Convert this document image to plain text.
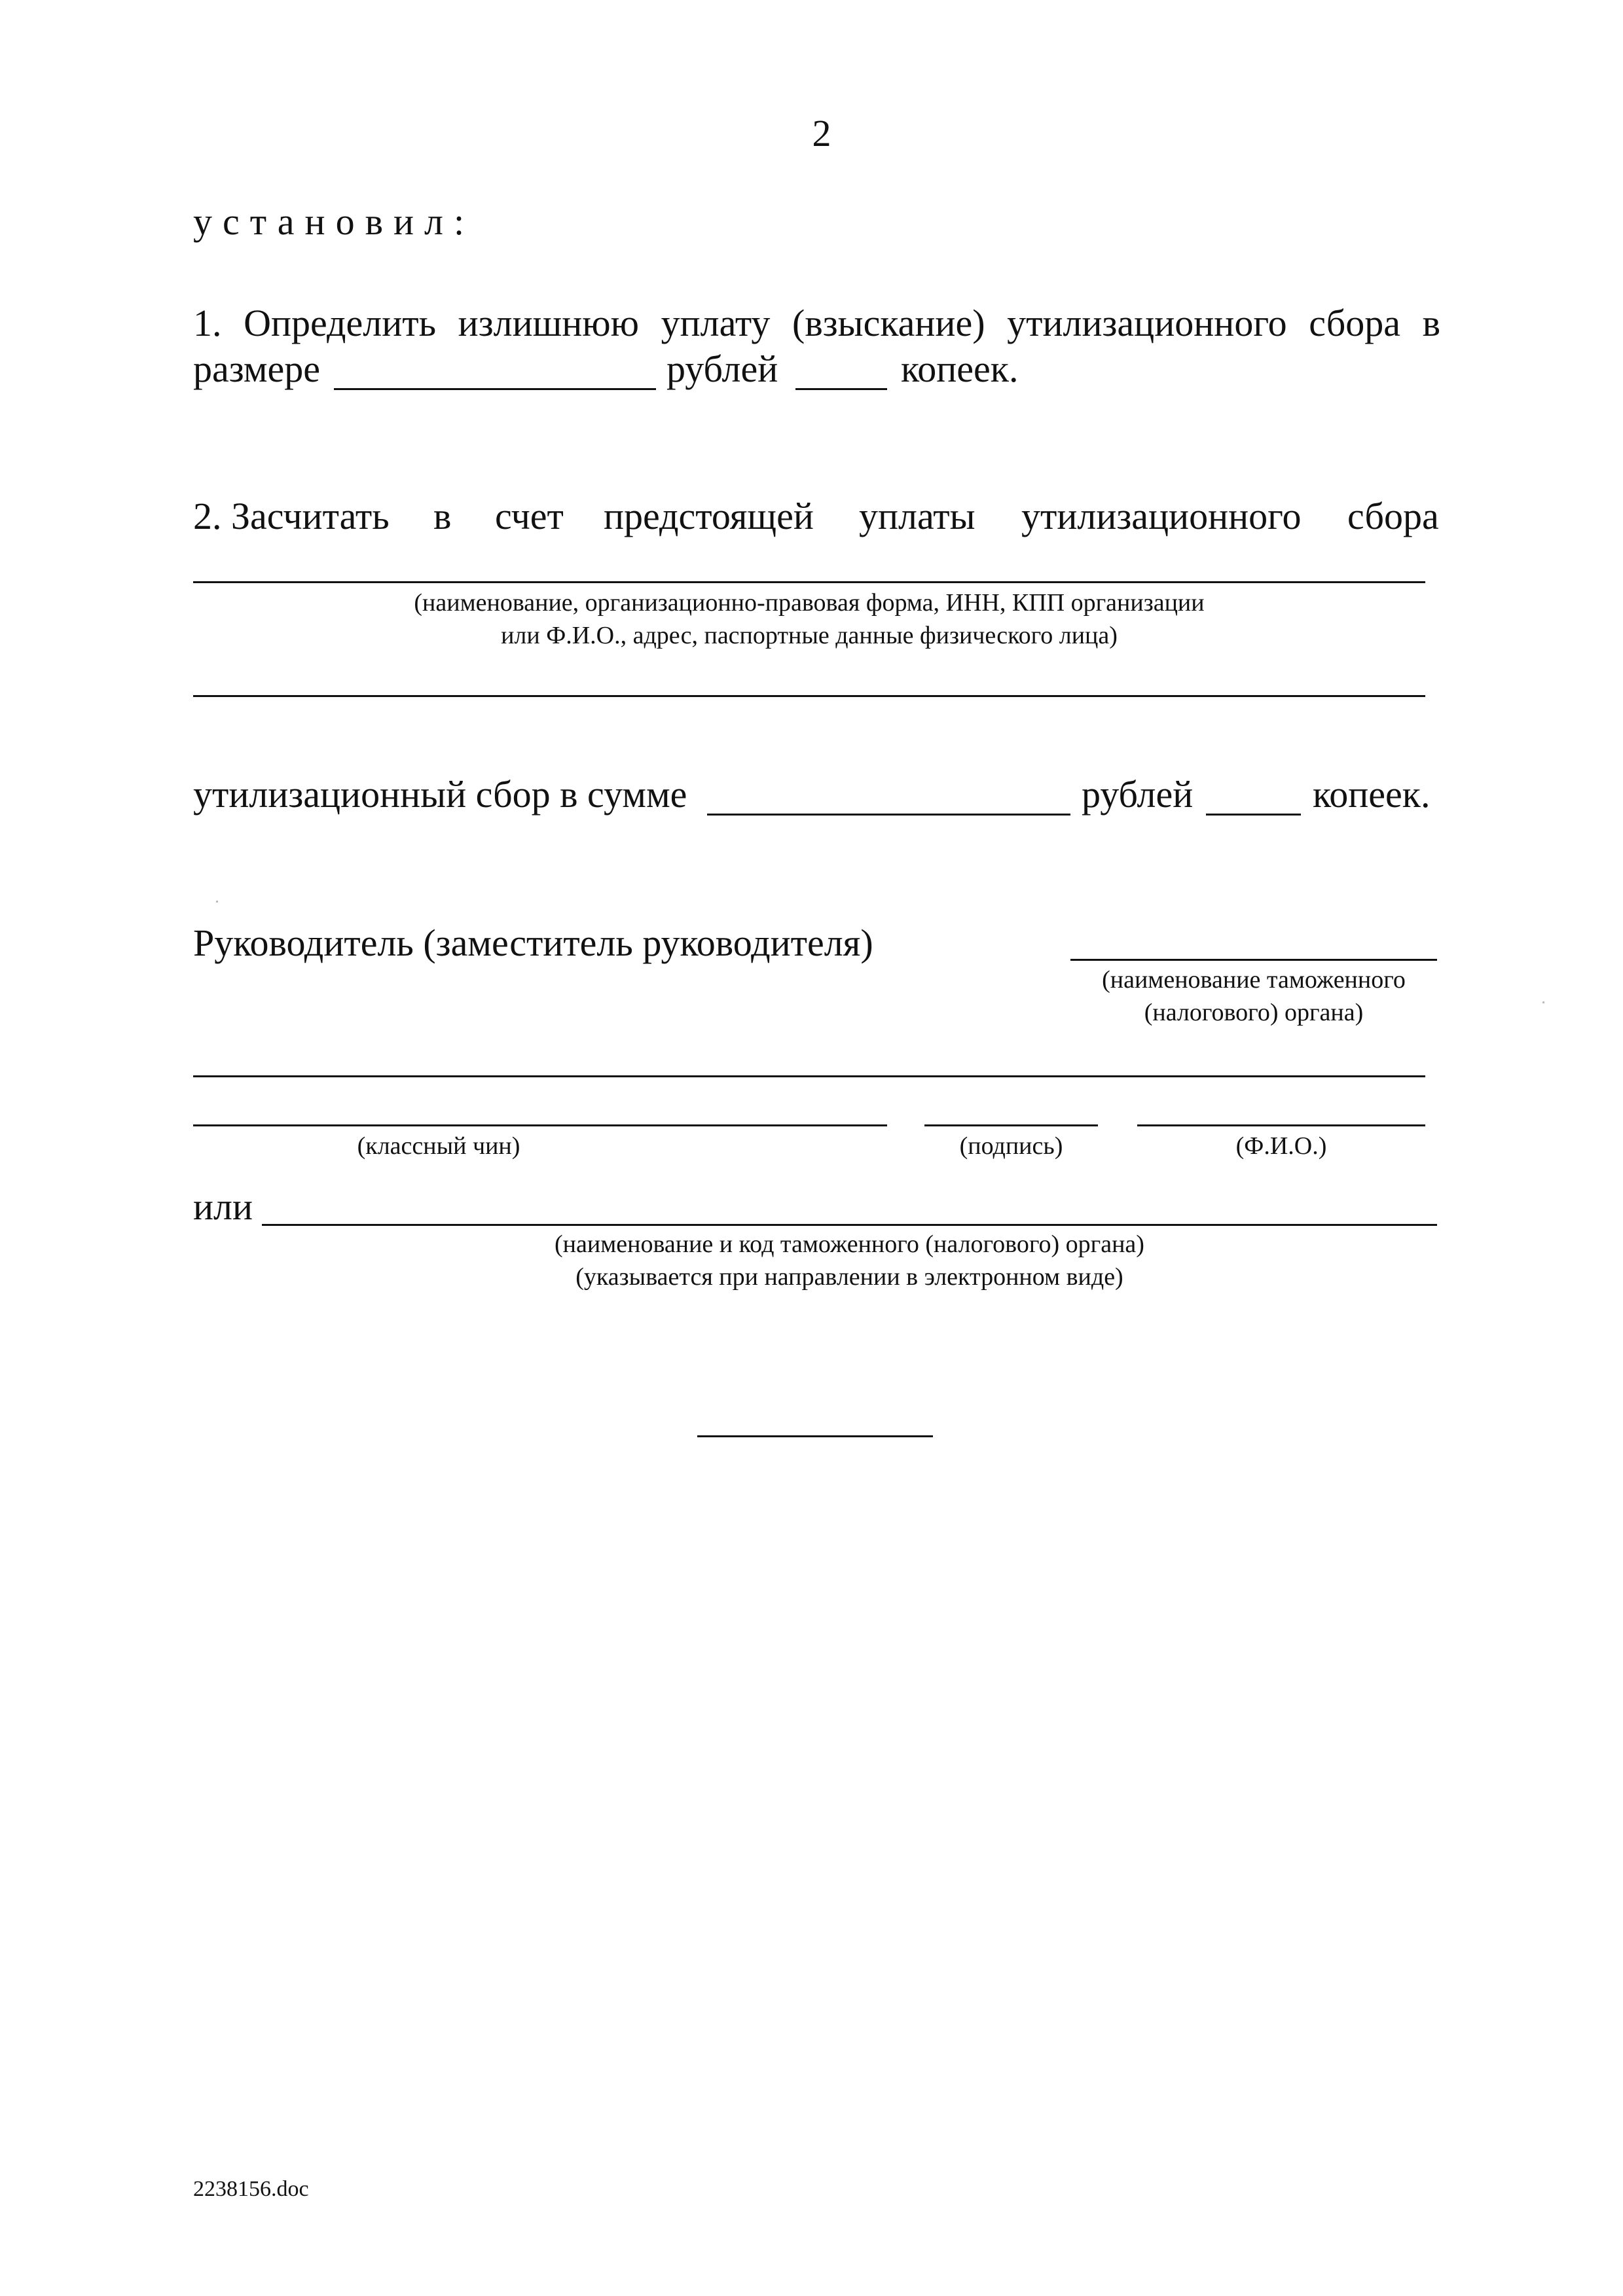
2
установил:
1. Определить излишнюю уплату (взыскание) утилизационного сбора в
размере	рублей	копеек.
2. Засчитать в счет предстоящей уплаты утилизационного сбора
(наименование, организационно-правовая форма, ИНН, КПП организации
или Ф.И.О., адрес, паспортные данные физического лица)
утилизационный сбор в сумме	рублей	копеек.
Руководитель (заместитель руководителя)
(наименование таможенного
(налогового) органа)
(классный чин)	(подпись)	(Ф.И.О.)
или
(наименование и код таможенного (налогового) органа)
(указывается при направлении в электронном виде)
2238156.doc
